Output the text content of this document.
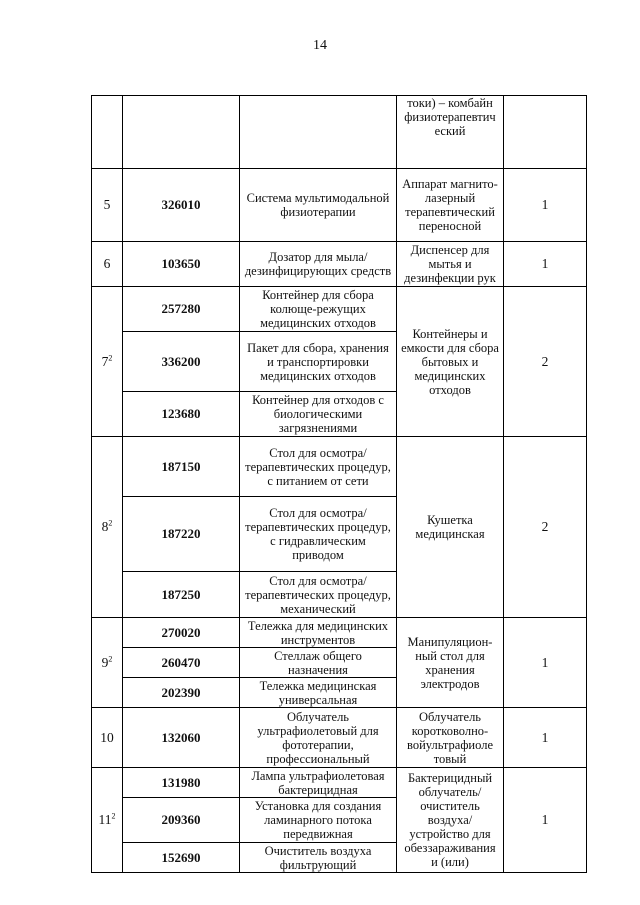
14
			токи) – комбайн физиотерапевтич еский	
5	326010	Система мультимодальной физиотерапии	Аппарат магнито- лазерный терапевтический переносной	1
6	103650	Дозатор для мыла/ дезинфицирующих средств	Диспенсер для мытья и дезинфекции рук	1
$7^2$	257280	Контейнер для сбора колюще-режущих медицинских отходов	Контейнеры и емкости для сбора бытовых и медицинских отходов	2
	336200	Пакет для сбора, хранения и транспортировки медицинских отходов		
	123680	Контейнер для отходов с биологическими загрязнениями		
$8^2$	187150	Стол для осмотра/терапевтических процедур, с питанием от сети	Кушетка медицинская	2
	187220	Стол для осмотра/терапевтических процедур, с гидравлическим приводом		
	187250	Стол для осмотра/терапевтических процедур, механический		
$9^2$	270020	Тележка для медицинских инструментов	Манипуляцион- ный стол для хранения электродов	1
	260470	Стеллаж общего назначения		
	202390	Тележка медицинская универсальная		
10	132060	Облучатель ультрафиолетовый для фототерапии, профессиональный	Облучатель коротковолно- войультрафиоле товый	1
$11^2$	131980	Лампа ультрафиолетовая бактерицидная	Бактерицидный облучатель/ очиститель воздуха/ устройство для обеззараживания и (или)	1
	209360	Установка для создания ламинарного потока передвижная		
	152690	Очиститель воздуха фильтрующий		
